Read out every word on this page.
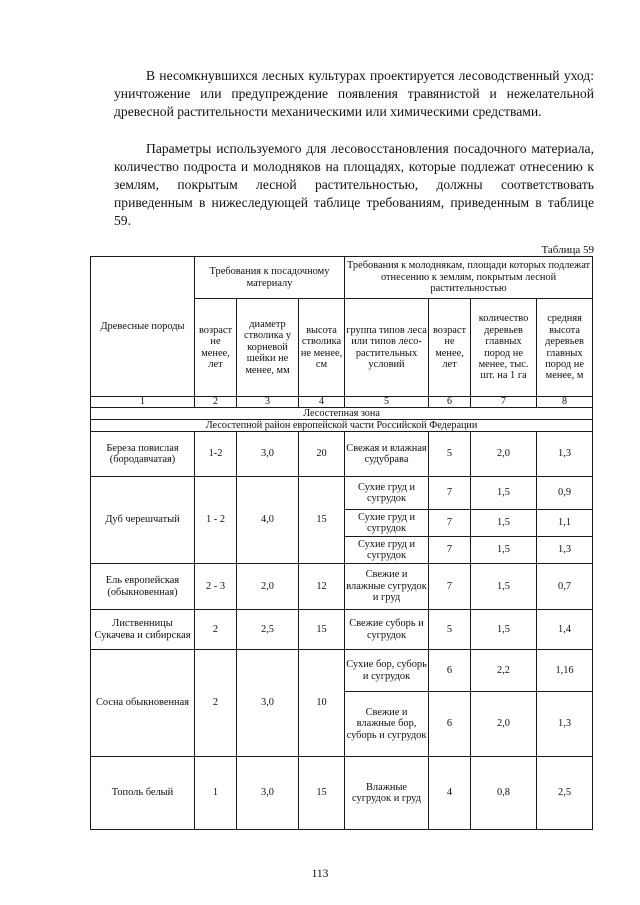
В несомкнувшихся лесных культурах проектируется лесоводственный уход: уничтожение или предупреждение появления травянистой и нежелательной древесной растительности механическими или химическими средствами.

Параметры используемого для лесовосстановления посадочного материала, количество подроста и молодняков на площадях, которые подлежат отнесению к землям, покрытым лесной растительностью, должны соответствовать приведенным в нижеследующей таблице требованиям, приведенным в таблице 59.

Таблица 59

Древесные породы	Требования к посадочному материалу			Требования к молоднякам, площади которых подлежат отнесению к землям, покрытым лесной растительностью			
	возраст не менее, лет	диаметр стволика у корневой шейки не менее, мм	высота стволика не менее, см	группа типов леса или типов лесо- растительных условий	возраст не менее, лет	количество деревьев главных пород не менее, тыс. шт. на 1 га	средняя высота деревьев главных пород не менее, м
1	2	3	4	5	6	7	8
Лесостепная зона							
Лесостепной район европейской части Российской Федерации							
Береза повислая (бородавчатая)	1-2	3,0	20	Свежая и влажная судубрава	5	2,0	1,3
Дуб черешчатый	1 - 2	4,0	15	Сухие груд и сугрудок	7	1,5	0,9
				Сухие груд и сугрудок	7	1,5	1,1
				Сухие груд и сугрудок	7	1,5	1,3
Ель европейская (обыкновенная)	2 - 3	2,0	12	Свежие и влажные сугрудок и груд	7	1,5	0,7
Лиственницы Сукачева и сибирская	2	2,5	15	Свежие суборь и сугрудок	5	1,5	1,4
Сосна обыкновенная	2	3,0	10	Сухие бор, суборь и сугрудок	6	2,2	1,16
				Свежие и влажные бор, суборь и сугрудок	6	2,0	1,3
Тополь белый	1	3,0	15	Влажные сугрудок и груд	4	0,8	2,5

113
